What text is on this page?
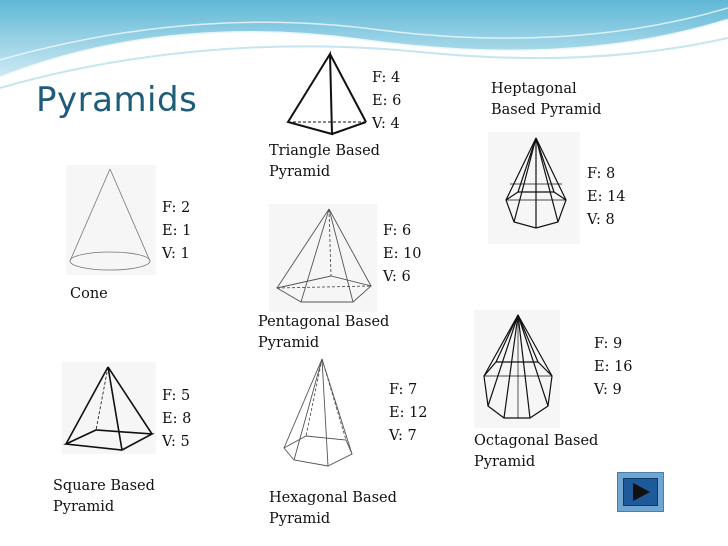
Pyramids
F: 2
E: 1
V: 1
Cone
F: 4
E: 6
V: 4
Triangle Based
Pyramid	F: 8
E: 14
V: 8
Heptagonal
Based Pyramid
F: 6
E: 10
V: 6
Pentagonal Based
Pyramid	F: 9
E: 16
V: 9
Octagonal Based
Pyramid
F: 5
E: 8
V: 5
Square Based
Pyramid
F: 7
E: 12
V: 7
Hexagonal Based
Pyramid
